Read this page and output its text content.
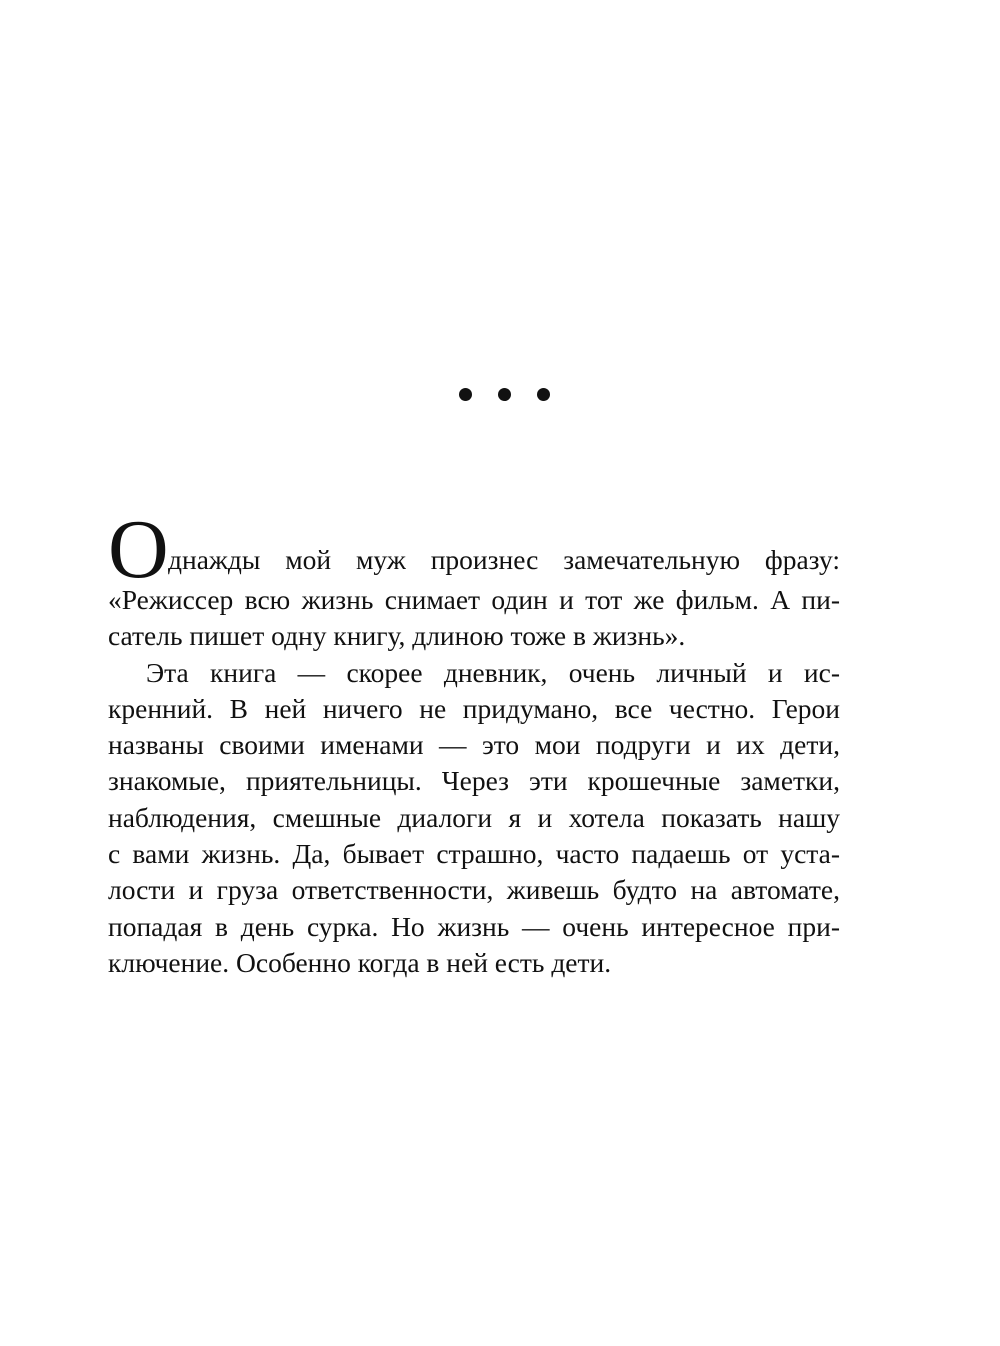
О днажды мой муж произнес замечательную фразу:
«Режиссер всю жизнь снимает один и тот же фильм. А пи-
сатель пишет одну книгу, длиною тоже в жизнь».
Эта книга — скорее дневник, очень личный и ис-
кренний. В ней ничего не придумано, все честно. Герои
названы своими именами — это мои подруги и их дети,
знакомые, приятельницы. Через эти крошечные заметки,
наблюдения, смешные диалоги я и хотела показать нашу
с вами жизнь. Да, бывает страшно, часто падаешь от уста-
лости и груза ответственности, живешь будто на автомате,
попадая в день сурка. Но жизнь — очень интересное при-
ключение. Особенно когда в ней есть дети.
